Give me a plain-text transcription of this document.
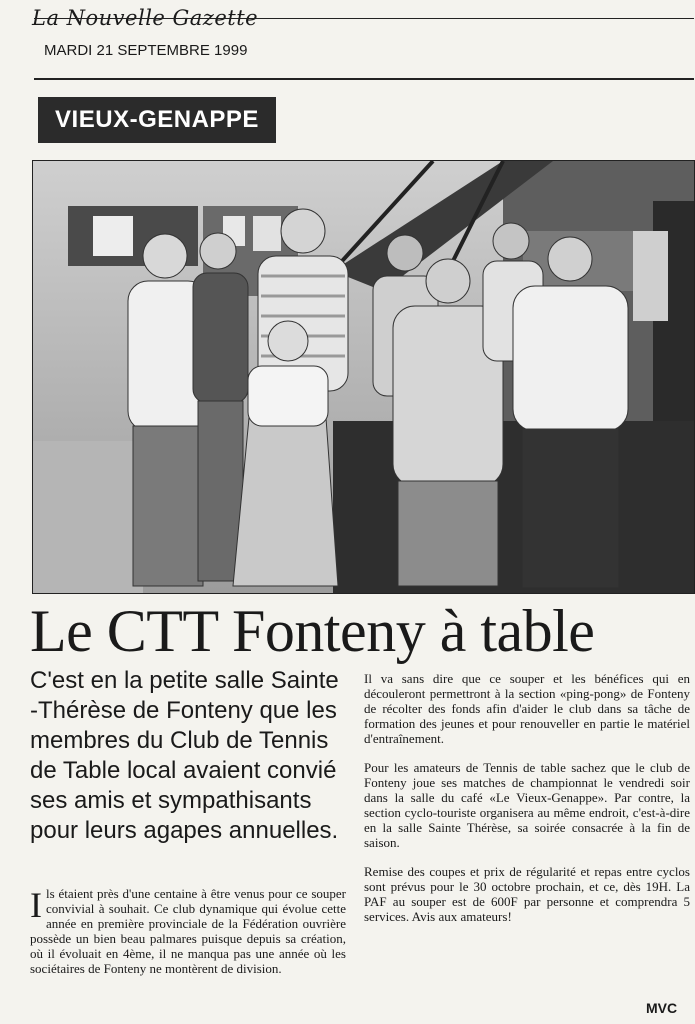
La Nouvelle Gazette
MARDI 21 SEPTEMBRE 1999
VIEUX-GENAPPE
Le CTT Fonteny à table

C'est en la petite salle Sainte -Thérèse de Fonteny que les membres du Club de Tennis de Table local avaient convié ses amis et sympathisants pour leurs agapes annuelles.

Ils étaient près d'une centaine à être venus pour ce souper convivial à souhait. Ce club dynamique qui évolue cette année en première provinciale de la Fédération ouvrière possède un bien beau palmares puisque depuis sa création, où il évoluait en 4ème, il ne manqua pas une année où les sociétaires de Fonteny ne montèrent de division.

Il va sans dire que ce souper et les bénéfices qui en découleront permettront à la section «ping-pong» de Fonteny de récolter des fonds afin d'aider le club dans sa tâche de formation des jeunes et pour renouveller en partie le matériel d'entraînement.

Pour les amateurs de Tennis de table sachez que le club de Fonteny joue ses matches de championnat le vendredi soir dans la salle du café «Le Vieux-Genappe». Par contre, la section cyclo-touriste organisera au même endroit, c'est-à-dire en la salle Sainte Thérèse, sa soirée consacrée à la fin de saison.

Remise des coupes et prix de régularité et repas entre cyclos sont prévus pour le 30 octobre prochain, et ce, dès 19H. La PAF au souper est de 600F par personne et comprendra 5 services. Avis aux amateurs!

MVC
